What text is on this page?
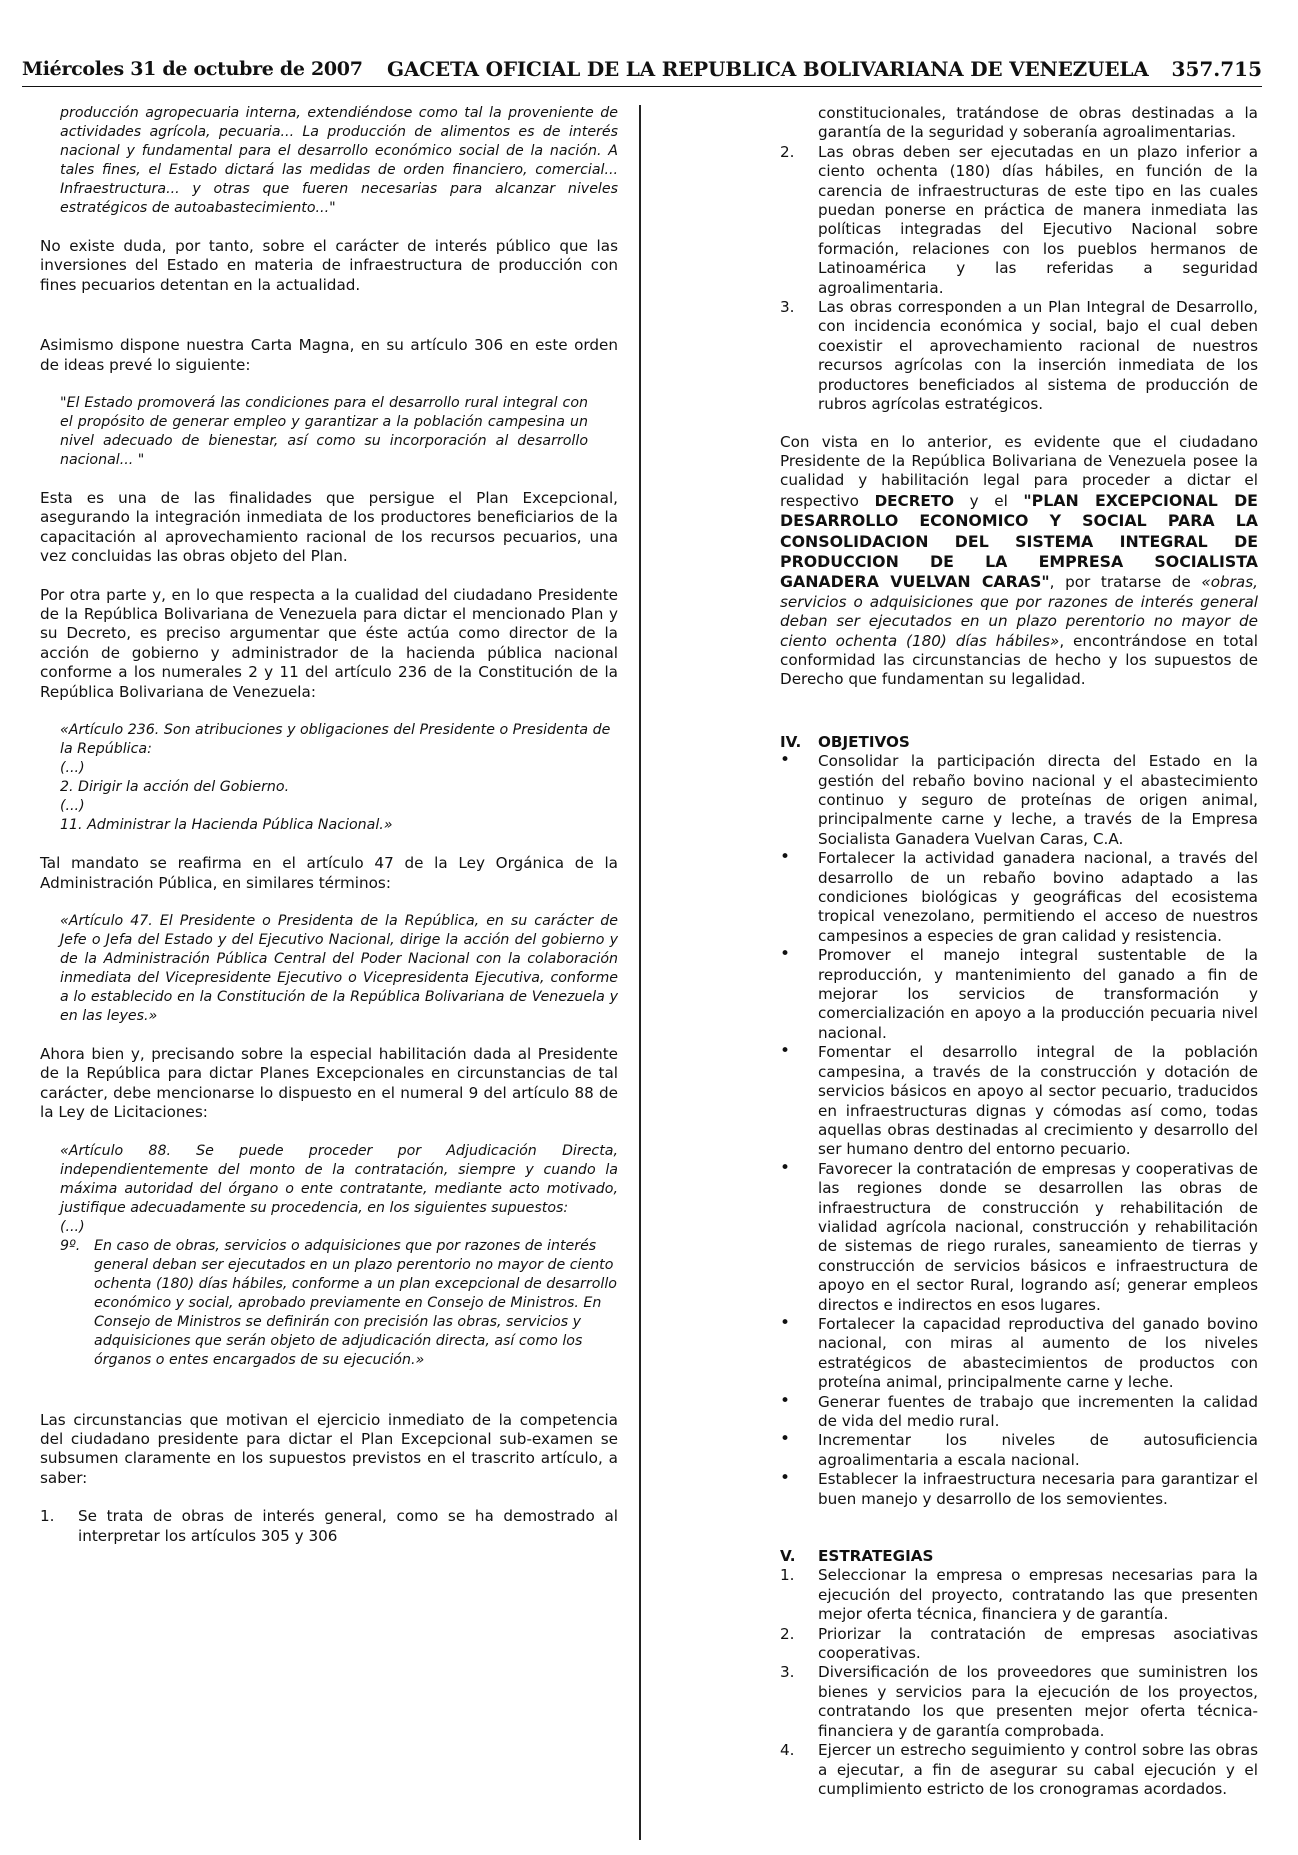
Miércoles 31 de octubre de 2007 GACETA OFICIAL DE LA REPUBLICA BOLIVARIANA DE VENEZUELA 357.715
producción agropecuaria interna, extendiéndose como tal la proveniente de actividades agrícola, pecuaria... La producción de alimentos es de interés nacional y fundamental para el desarrollo económico social de la nación. A tales fines, el Estado dictará las medidas de orden financiero, comercial... Infraestructura... y otras que fueren necesarias para alcanzar niveles estratégicos de autoabastecimiento..."

No existe duda, por tanto, sobre el carácter de interés público que las inversiones del Estado en materia de infraestructura de producción con fines pecuarios detentan en la actualidad.

Asimismo dispone nuestra Carta Magna, en su artículo 306 en este orden de ideas prevé lo siguiente:

"El Estado promoverá las condiciones para el desarrollo rural integral con el propósito de generar empleo y garantizar a la población campesina un nivel adecuado de bienestar, así como su incorporación al desarrollo nacional... "

Esta es una de las finalidades que persigue el Plan Excepcional, asegurando la integración inmediata de los productores beneficiarios de la capacitación al aprovechamiento racional de los recursos pecuarios, una vez concluidas las obras objeto del Plan.

Por otra parte y, en lo que respecta a la cualidad del ciudadano Presidente de la República Bolivariana de Venezuela para dictar el mencionado Plan y su Decreto, es preciso argumentar que éste actúa como director de la acción de gobierno y administrador de la hacienda pública nacional conforme a los numerales 2 y 11 del artículo 236 de la Constitución de la República Bolivariana de Venezuela:

«Artículo 236. Son atribuciones y obligaciones del Presidente o Presidenta de la República:
(...)
2. Dirigir la acción del Gobierno.
(...)
11. Administrar la Hacienda Pública Nacional.»

Tal mandato se reafirma en el artículo 47 de la Ley Orgánica de la Administración Pública, en similares términos:

«Artículo 47. El Presidente o Presidenta de la República, en su carácter de Jefe o Jefa del Estado y del Ejecutivo Nacional, dirige la acción del gobierno y de la Administración Pública Central del Poder Nacional con la colaboración inmediata del Vicepresidente Ejecutivo o Vicepresidenta Ejecutiva, conforme a lo establecido en la Constitución de la República Bolivariana de Venezuela y en las leyes.»

Ahora bien y, precisando sobre la especial habilitación dada al Presidente de la República para dictar Planes Excepcionales en circunstancias de tal carácter, debe mencionarse lo dispuesto en el numeral 9 del artículo 88 de la Ley de Licitaciones:

«Artículo 88. Se puede proceder por Adjudicación Directa, independientemente del monto de la contratación, siempre y cuando la máxima autoridad del órgano o ente contratante, mediante acto motivado, justifique adecuadamente su procedencia, en los siguientes supuestos:
(...)
9º. En caso de obras, servicios o adquisiciones que por razones de interés general deban ser ejecutados en un plazo perentorio no mayor de ciento ochenta (180) días hábiles, conforme a un plan excepcional de desarrollo económico y social, aprobado previamente en Consejo de Ministros. En Consejo de Ministros se definirán con precisión las obras, servicios y adquisiciones que serán objeto de adjudicación directa, así como los órganos o entes encargados de su ejecución.»

Las circunstancias que motivan el ejercicio inmediato de la competencia del ciudadano presidente para dictar el Plan Excepcional sub-examen se subsumen claramente en los supuestos previstos en el trascrito artículo, a saber:

1. Se trata de obras de interés general, como se ha demostrado al interpretar los artículos 305 y 306
constitucionales, tratándose de obras destinadas a la garantía de la seguridad y soberanía agroalimentarias.
2. Las obras deben ser ejecutadas en un plazo inferior a ciento ochenta (180) días hábiles, en función de la carencia de infraestructuras de este tipo en las cuales puedan ponerse en práctica de manera inmediata las políticas integradas del Ejecutivo Nacional sobre formación, relaciones con los pueblos hermanos de Latinoamérica y las referidas a seguridad agroalimentaria.
3. Las obras corresponden a un Plan Integral de Desarrollo, con incidencia económica y social, bajo el cual deben coexistir el aprovechamiento racional de nuestros recursos agrícolas con la inserción inmediata de los productores beneficiados al sistema de producción de rubros agrícolas estratégicos.

Con vista en lo anterior, es evidente que el ciudadano Presidente de la República Bolivariana de Venezuela posee la cualidad y habilitación legal para proceder a dictar el respectivo DECRETO y el "PLAN EXCEPCIONAL DE DESARROLLO ECONOMICO Y SOCIAL PARA LA CONSOLIDACION DEL SISTEMA INTEGRAL DE PRODUCCION DE LA EMPRESA SOCIALISTA GANADERA VUELVAN CARAS", por tratarse de «obras, servicios o adquisiciones que por razones de interés general deban ser ejecutados en un plazo perentorio no mayor de ciento ochenta (180) días hábiles», encontrándose en total conformidad las circunstancias de hecho y los supuestos de Derecho que fundamentan su legalidad.

IV. OBJETIVOS
• Consolidar la participación directa del Estado en la gestión del rebaño bovino nacional y el abastecimiento continuo y seguro de proteínas de origen animal, principalmente carne y leche, a través de la Empresa Socialista Ganadera Vuelvan Caras, C.A.
• Fortalecer la actividad ganadera nacional, a través del desarrollo de un rebaño bovino adaptado a las condiciones biológicas y geográficas del ecosistema tropical venezolano, permitiendo el acceso de nuestros campesinos a especies de gran calidad y resistencia.
• Promover el manejo integral sustentable de la reproducción, y mantenimiento del ganado a fin de mejorar los servicios de transformación y comercialización en apoyo a la producción pecuaria nivel nacional.
• Fomentar el desarrollo integral de la población campesina, a través de la construcción y dotación de servicios básicos en apoyo al sector pecuario, traducidos en infraestructuras dignas y cómodas así como, todas aquellas obras destinadas al crecimiento y desarrollo del ser humano dentro del entorno pecuario.
• Favorecer la contratación de empresas y cooperativas de las regiones donde se desarrollen las obras de infraestructura de construcción y rehabilitación de vialidad agrícola nacional, construcción y rehabilitación de sistemas de riego rurales, saneamiento de tierras y construcción de servicios básicos e infraestructura de apoyo en el sector Rural, logrando así; generar empleos directos e indirectos en esos lugares.
• Fortalecer la capacidad reproductiva del ganado bovino nacional, con miras al aumento de los niveles estratégicos de abastecimientos de productos con proteína animal, principalmente carne y leche.
• Generar fuentes de trabajo que incrementen la calidad de vida del medio rural.
• Incrementar los niveles de autosuficiencia agroalimentaria a escala nacional.
• Establecer la infraestructura necesaria para garantizar el buen manejo y desarrollo de los semovientes.
V. ESTRATEGIAS
1. Seleccionar la empresa o empresas necesarias para la ejecución del proyecto, contratando las que presenten mejor oferta técnica, financiera y de garantía.
2. Priorizar la contratación de empresas asociativas cooperativas.
3. Diversificación de los proveedores que suministren los bienes y servicios para la ejecución de los proyectos, contratando los que presenten mejor oferta técnica-financiera y de garantía comprobada.
4. Ejercer un estrecho seguimiento y control sobre las obras a ejecutar, a fin de asegurar su cabal ejecución y el cumplimiento estricto de los cronogramas acordados.
